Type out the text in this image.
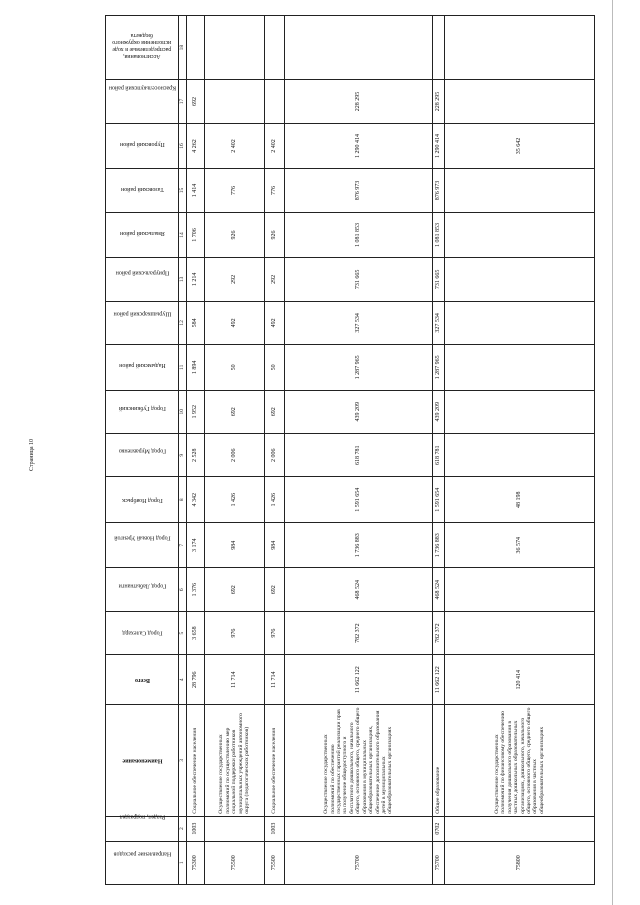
Страница 10
Направление расходов	Раздел, подраздел	Наименование	Всего	Город Салехард	Город Лабытнанги	Город Новый Уренгой	Город Ноябрьск	Город Муравленко	Город Губкинский	Надымский район	Шурышкарский район	Приуральский район	Ямальский район	Тазовский район	Пуровский район	Красноселькупский район	Ассигнования, распределяемые в ходе исполнения окружного бюджета
1	2	3	4	5	6	7	8	9	10	11	12	13	14	15	16	17	18
75300	1003	Социальное обеспечение населения	28 796	3 658	1 376	3 174	4 342	2 528	1 952	1 894	584	1 214	1 706	1 414	4 262	692	
75500		Осуществление государственных полномочий по осуществлению мер социальной поддержки работников муниципальных учреждений автономного округа (педагогических работников)	11 714	976	692	984	1 426	2 006	692	50	492	292	926	776	2 402		
75500	1003	Социальное обеспечение населения	11 714	976	692	984	1 426	2 006	692	50	492	292	926	776	2 402		
75700		Осуществление государственных полномочий по обеспечению государственных гарантий реализации прав на получение общедоступного и бесплатного дошкольного, начального общего, основного общего, среднего общего образования в муниципальных общеобразовательных организациях, обеспечение дополнительного образования детей в муниципальных общеобразовательных организациях	11 662 122	782 372	468 524	1 736 883	1 591 654	618 781	439 209	1 287 965	327 534	731 665	1 081 853	876 973	1 290 414	228 295	
75700	0702	Общее образование	11 662 122	782 372	468 524	1 736 883	1 591 654	618 781	439 209	1 287 965	327 534	731 665	1 081 853	876 973	1 290 414	228 295	
75800		Осуществление государственных полномочий по финансовому обеспечению получения дошкольного образования в частных дошкольных образовательных организациях, дошкольного, начального общего, основного общего, среднего общего образования в частных общеобразовательных организациях	120 414			36 574	48 198								35 642		
